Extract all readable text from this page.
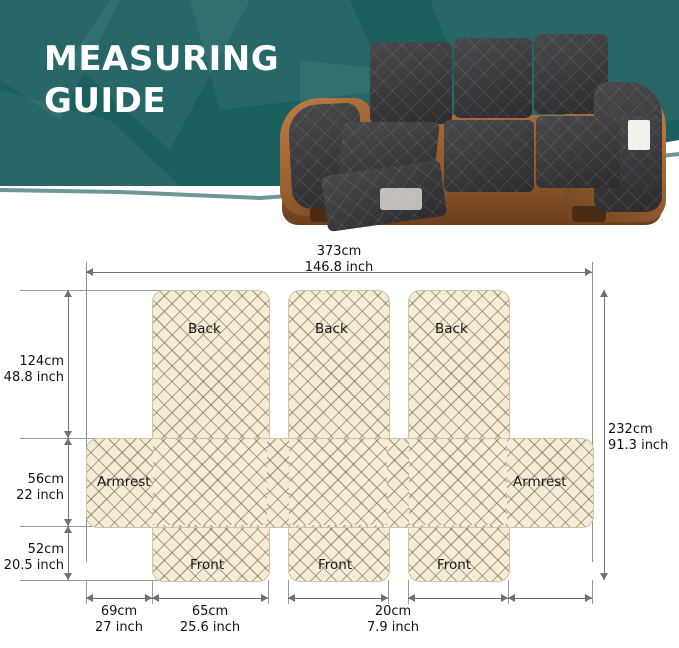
MEASURING
GUIDE
373cm
146.8 inch
232cm
91.3 inch
124cm
48.8 inch
56cm
22 inch
52cm
20.5 inch
Back	Back	Back
Armrest	Armrest
Front	Front	Front
69cm
27 inch
65cm
25.6 inch
20cm
7.9 inch
